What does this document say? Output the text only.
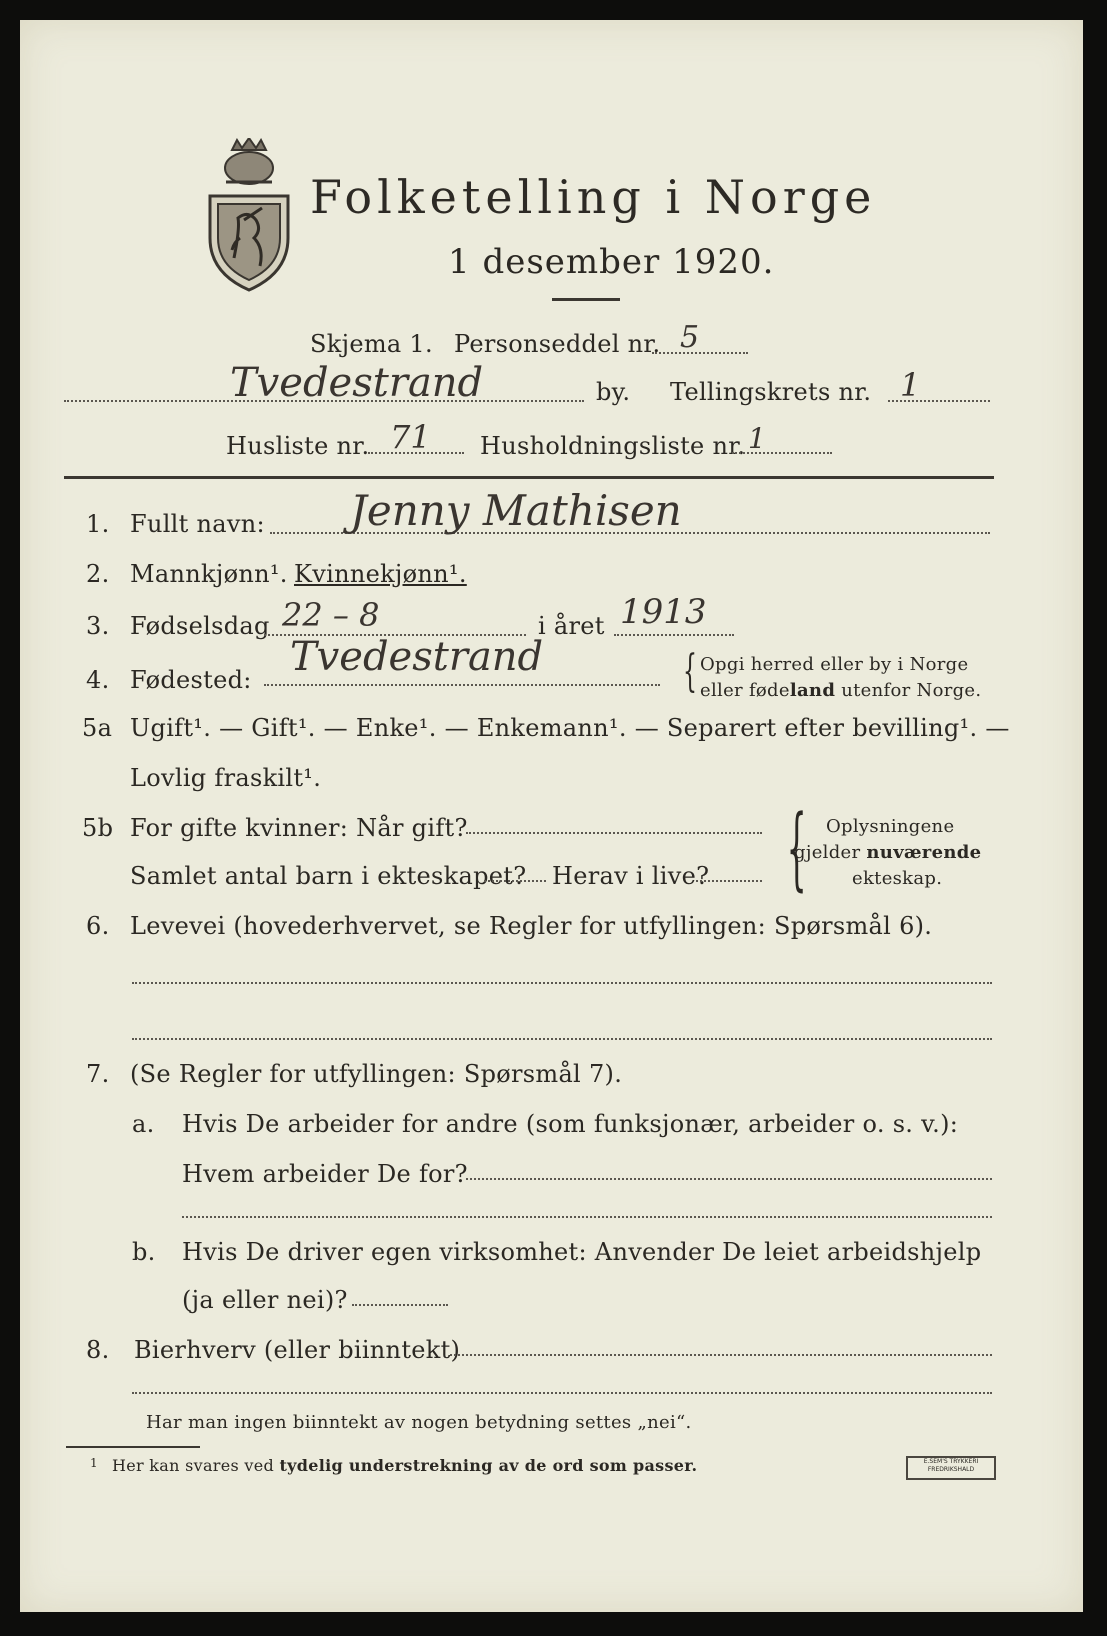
Folketelling i Norge
1 desember 1920.
Skjema 1. Personseddel nr. 5
Tvedestrand	by. Tellingskrets nr. 1
Husliste nr. 71 Husholdningsliste nr. 1
1. Fullt navn: Jenny Mathisen
2. Mannkjønn¹. Kvinnekjønn¹.
3. Fødselsdag 22 – 8	i året 1913
4. Fødested: Tvedestrand	{ Opgi herred eller by i Norge
eller fødeland utenfor Norge.
5a Ugift¹. — Gift¹. — Enke¹. — Enkemann¹. — Separert efter bevilling¹. —
Lovlig fraskilt¹.
5b For gifte kvinner: Når gift?
Samlet antal barn i ekteskapet? Herav i live? { Oplysningene
gjelder nuværende
ekteskap.
6. Levevei (hovederhvervet, se Regler for utfyllingen: Spørsmål 6).
7. (Se Regler for utfyllingen: Spørsmål 7).
a. Hvis De arbeider for andre (som funksjonær, arbeider o. s. v.):
Hvem arbeider De for?
b. Hvis De driver egen virksomhet: Anvender De leiet arbeidshjelp
(ja eller nei)?
8. Bierhverv (eller biinntekt)
Har man ingen biinntekt av nogen betydning settes „nei“.
$^1$ Her kan svares ved tydelig understrekning av de ord som passer.	E.SEM'S TRYKKERI
FREDRIKSHALD
